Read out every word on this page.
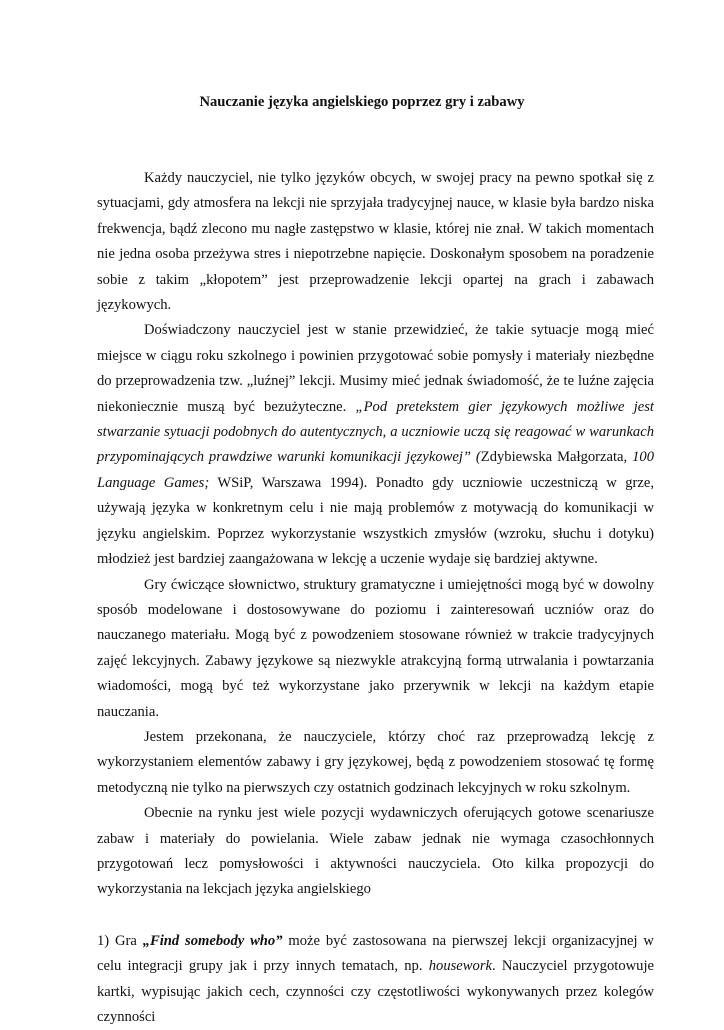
Nauczanie języka angielskiego poprzez gry i zabawy

Każdy nauczyciel, nie tylko języków obcych, w swojej pracy na pewno spotkał się z sytuacjami, gdy atmosfera na lekcji nie sprzyjała tradycyjnej nauce, w klasie była bardzo niska frekwencja, bądź zlecono mu nagłe zastępstwo w klasie, której nie znał. W takich momentach nie jedna osoba przeżywa stres i niepotrzebne napięcie. Doskonałym sposobem na poradzenie sobie z takim „kłopotem” jest przeprowadzenie lekcji opartej na grach i zabawach językowych.

Doświadczony nauczyciel jest w stanie przewidzieć, że takie sytuacje mogą mieć miejsce w ciągu roku szkolnego i powinien przygotować sobie pomysły i materiały niezbędne do przeprowadzenia tzw. „luźnej” lekcji. Musimy mieć jednak świadomość, że te luźne zajęcia niekoniecznie muszą być bezużyteczne. „Pod pretekstem gier językowych możliwe jest stwarzanie sytuacji podobnych do autentycznych, a uczniowie uczą się reagować w warunkach przypominających prawdziwe warunki komunikacji językowej” (Zdybiewska Małgorzata, 100 Language Games; WSiP, Warszawa 1994). Ponadto gdy uczniowie uczestniczą w grze, używają języka w konkretnym celu i nie mają problemów z motywacją do komunikacji w języku angielskim. Poprzez wykorzystanie wszystkich zmysłów (wzroku, słuchu i dotyku) młodzież jest bardziej zaangażowana w lekcję a uczenie wydaje się bardziej aktywne.

Gry ćwiczące słownictwo, struktury gramatyczne i umiejętności mogą być w dowolny sposób modelowane i dostosowywane do poziomu i zainteresowań uczniów oraz do nauczanego materiału. Mogą być z powodzeniem stosowane również w trakcie tradycyjnych zajęć lekcyjnych. Zabawy językowe są niezwykle atrakcyjną formą utrwalania i powtarzania wiadomości, mogą być też wykorzystane jako przerywnik w lekcji na każdym etapie nauczania.

Jestem przekonana, że nauczyciele, którzy choć raz przeprowadzą lekcję z wykorzystaniem elementów zabawy i gry językowej, będą z powodzeniem stosować tę formę metodyczną nie tylko na pierwszych czy ostatnich godzinach lekcyjnych w roku szkolnym.

Obecnie na rynku jest wiele pozycji wydawniczych oferujących gotowe scenariusze zabaw i materiały do powielania. Wiele zabaw jednak nie wymaga czasochłonnych przygotowań lecz pomysłowości i aktywności nauczyciela. Oto kilka propozycji do wykorzystania na lekcjach języka angielskiego

1) Gra „Find somebody who” może być zastosowana na pierwszej lekcji organizacyjnej w celu integracji grupy jak i przy innych tematach, np. housework. Nauczyciel przygotowuje kartki, wypisując jakich cech, czynności czy częstotliwości wykonywanych przez kolegów czynności
